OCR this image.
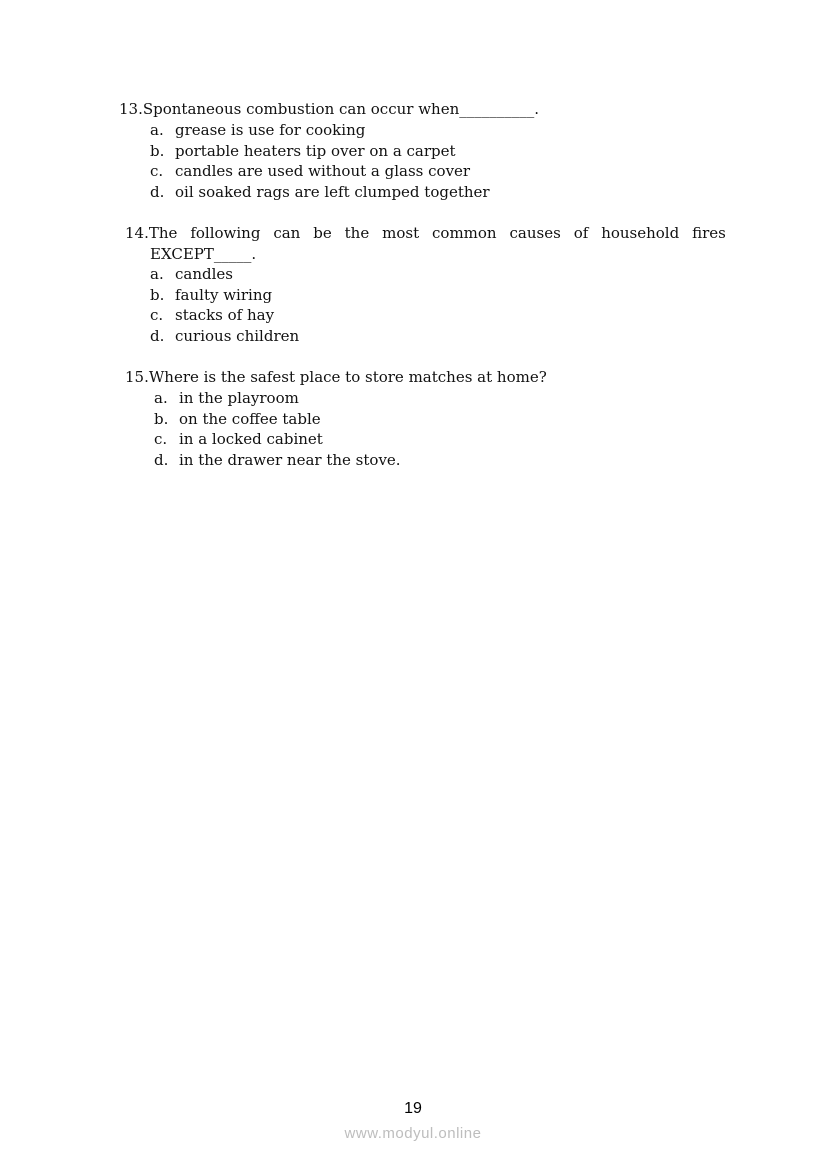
13.Spontaneous combustion can occur when__________.
a. grease is use for cooking
b. portable heaters tip over on a carpet
c. candles are used without a glass cover
d. oil soaked rags are left clumped together
14.The following can be the most common causes of household fires
EXCEPT_____.
a. candles
b. faulty wiring
c. stacks of hay
d. curious children
15.Where is the safest place to store matches at home?
a. in the playroom
b. on the coffee table
c. in a locked cabinet
d. in the drawer near the stove.
19
www.modyul.online
